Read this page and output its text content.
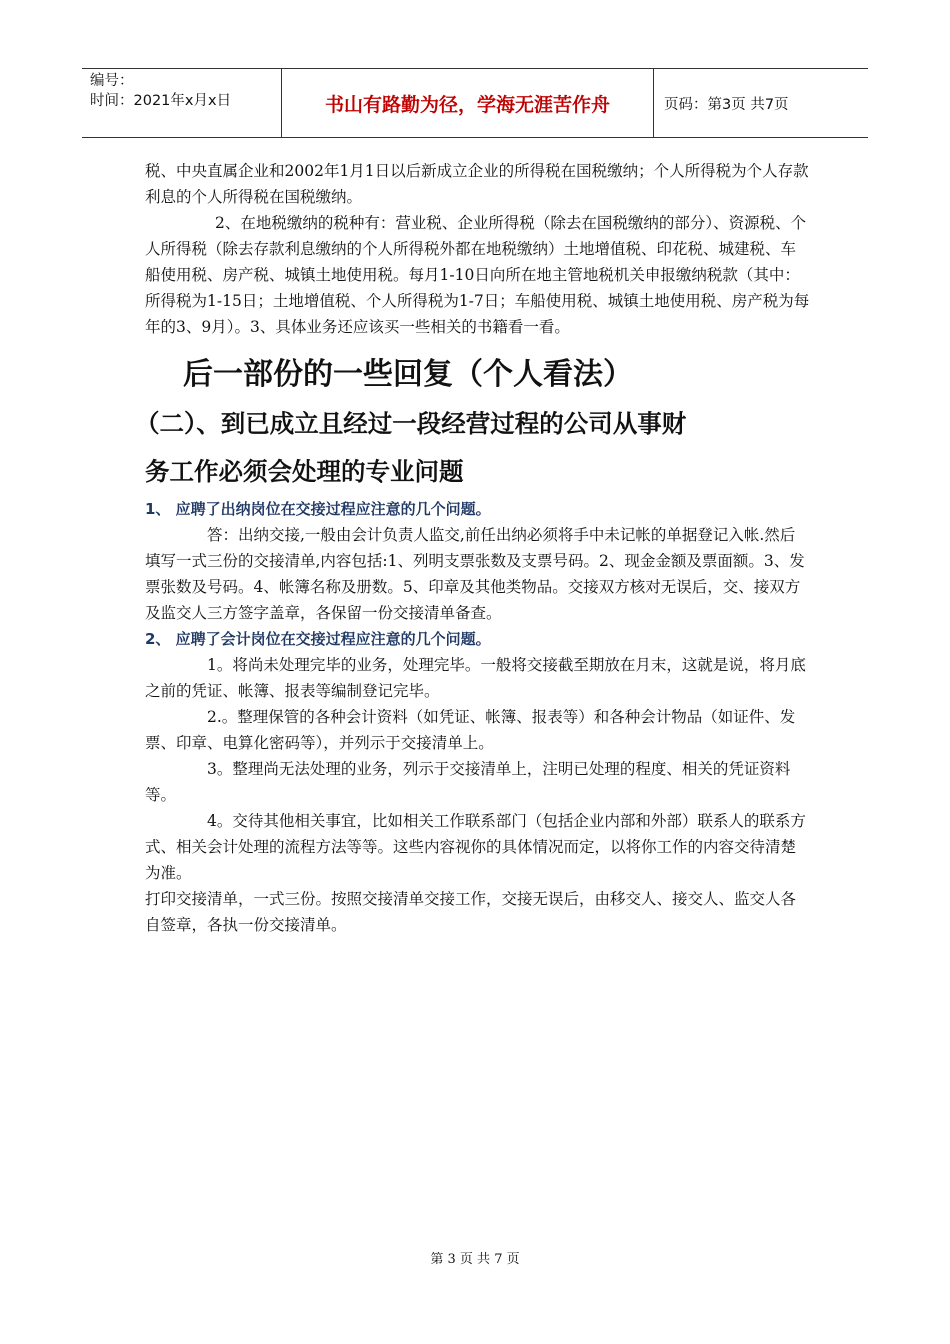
编号：
时间：2021年x月x日	书山有路勤为径，学海无涯苦作舟	页码：第3页 共7页

税、中央直属企业和2002年1月1日以后新成立企业的所得税在国税缴纳；个人所得税为个人存款利息的个人所得税在国税缴纳。

2、在地税缴纳的税种有：营业税、企业所得税（除去在国税缴纳的部分）、资源税、个人所得税（除去存款利息缴纳的个人所得税外都在地税缴纳）土地增值税、印花税、城建税、车船使用税、房产税、城镇土地使用税。每月1-10日向所在地主管地税机关申报缴纳税款（其中：所得税为1-15日；土地增值税、个人所得税为1-7日；车船使用税、城镇土地使用税、房产税为每年的3、9月）。3、具体业务还应该买一些相关的书籍看一看。

后一部份的一些回复（个人看法）
（二）、到已成立且经过一段经营过程的公司从事财
务工作必须会处理的专业问题
1、 应聘了出纳岗位在交接过程应注意的几个问题。

答：出纳交接,一般由会计负责人监交,前任出纳必须将手中未记帐的单据登记入帐.然后填写一式三份的交接清单,内容包括:1、列明支票张数及支票号码。2、现金金额及票面额。3、发票张数及号码。4、帐簿名称及册数。5、印章及其他类物品。交接双方核对无误后，交、接双方及监交人三方签字盖章，各保留一份交接清单备查。

2、 应聘了会计岗位在交接过程应注意的几个问题。

1。将尚未处理完毕的业务，处理完毕。一般将交接截至期放在月末，这就是说，将月底之前的凭证、帐簿、报表等编制登记完毕。

2.。整理保管的各种会计资料（如凭证、帐簿、报表等）和各种会计物品（如证件、发票、印章、电算化密码等），并列示于交接清单上。

3。整理尚无法处理的业务，列示于交接清单上，注明已处理的程度、相关的凭证资料等。

4。交待其他相关事宜，比如相关工作联系部门（包括企业内部和外部）联系人的联系方式、相关会计处理的流程方法等等。这些内容视你的具体情况而定，以将你工作的内容交待清楚为准。

打印交接清单，一式三份。按照交接清单交接工作，交接无误后，由移交人、接交人、监交人各自签章，各执一份交接清单。

第 3 页 共 7 页
